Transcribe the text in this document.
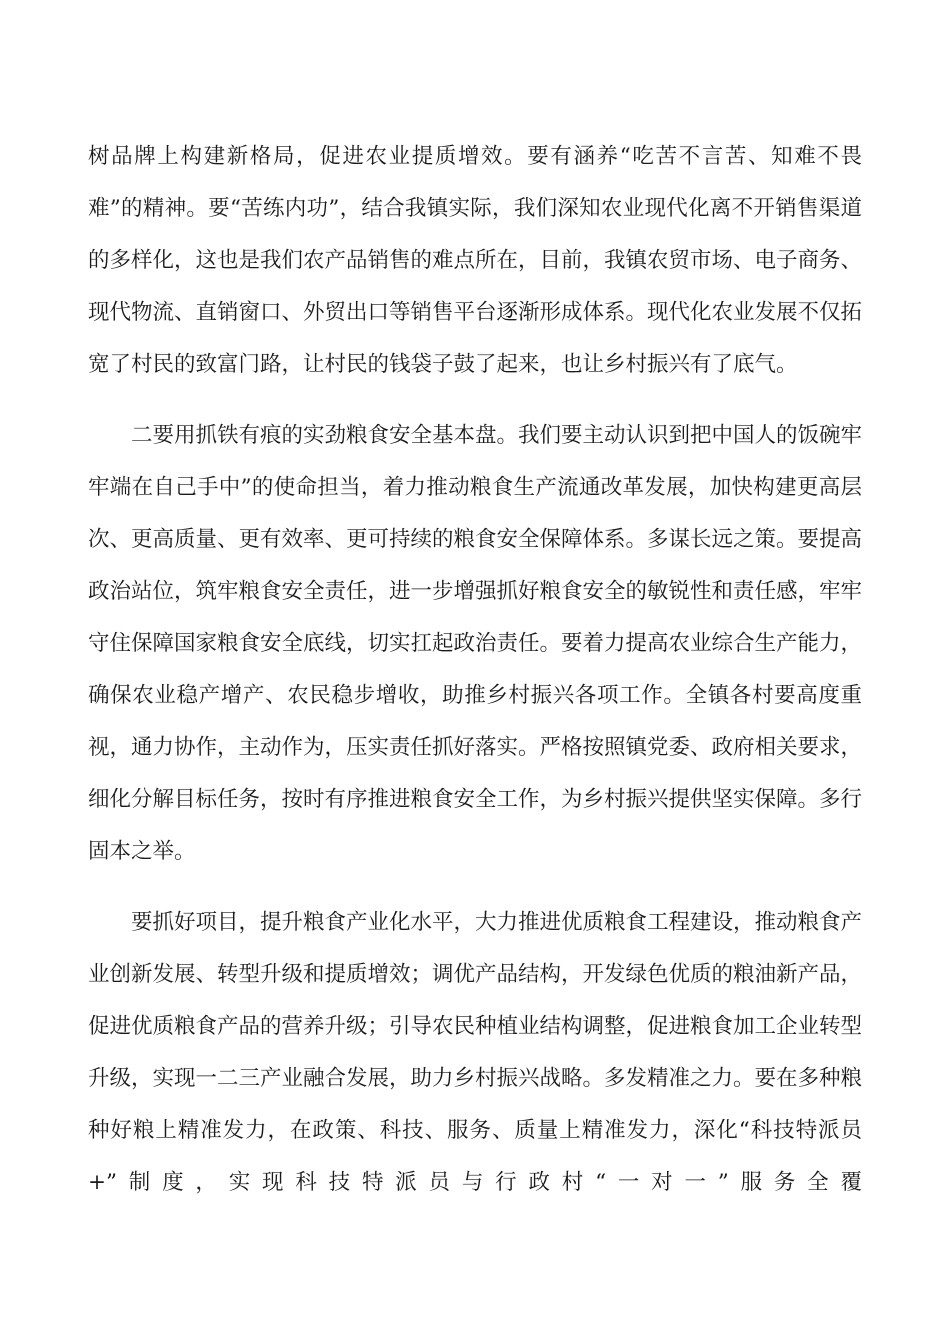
树品牌上构建新格局，促进农业提质增效。要有涵养“吃苦不言苦、知难不畏难”的精神。要“苦练内功”，结合我镇实际，我们深知农业现代化离不开销售渠道的多样化，这也是我们农产品销售的难点所在，目前，我镇农贸市场、电子商务、现代物流、直销窗口、外贸出口等销售平台逐渐形成体系。现代化农业发展不仅拓宽了村民的致富门路，让村民的钱袋子鼓了起来，也让乡村振兴有了底气。

二要用抓铁有痕的实劲粮食安全基本盘。我们要主动认识到把中国人的饭碗牢牢端在自己手中”的使命担当，着力推动粮食生产流通改革发展，加快构建更高层次、更高质量、更有效率、更可持续的粮食安全保障体系。多谋长远之策。要提高政治站位，筑牢粮食安全责任，进一步增强抓好粮食安全的敏锐性和责任感，牢牢守住保障国家粮食安全底线，切实扛起政治责任。要着力提高农业综合生产能力，确保农业稳产增产、农民稳步增收，助推乡村振兴各项工作。全镇各村要高度重视，通力协作，主动作为，压实责任抓好落实。严格按照镇党委、政府相关要求，细化分解目标任务，按时有序推进粮食安全工作，为乡村振兴提供坚实保障。多行固本之举。

要抓好项目，提升粮食产业化水平，大力推进优质粮食工程建设，推动粮食产业创新发展、转型升级和提质增效；调优产品结构，开发绿色优质的粮油新产品，促进优质粮食产品的营养升级；引导农民种植业结构调整，促进粮食加工企业转型升级，实现一二三产业融合发展，助力乡村振兴战略。多发精准之力。要在多种粮种好粮上精准发力，在政策、科技、服务、质量上精准发力，深化“科技特派员+”制度，实现科技特派员与行政村“一对一”服务全覆
